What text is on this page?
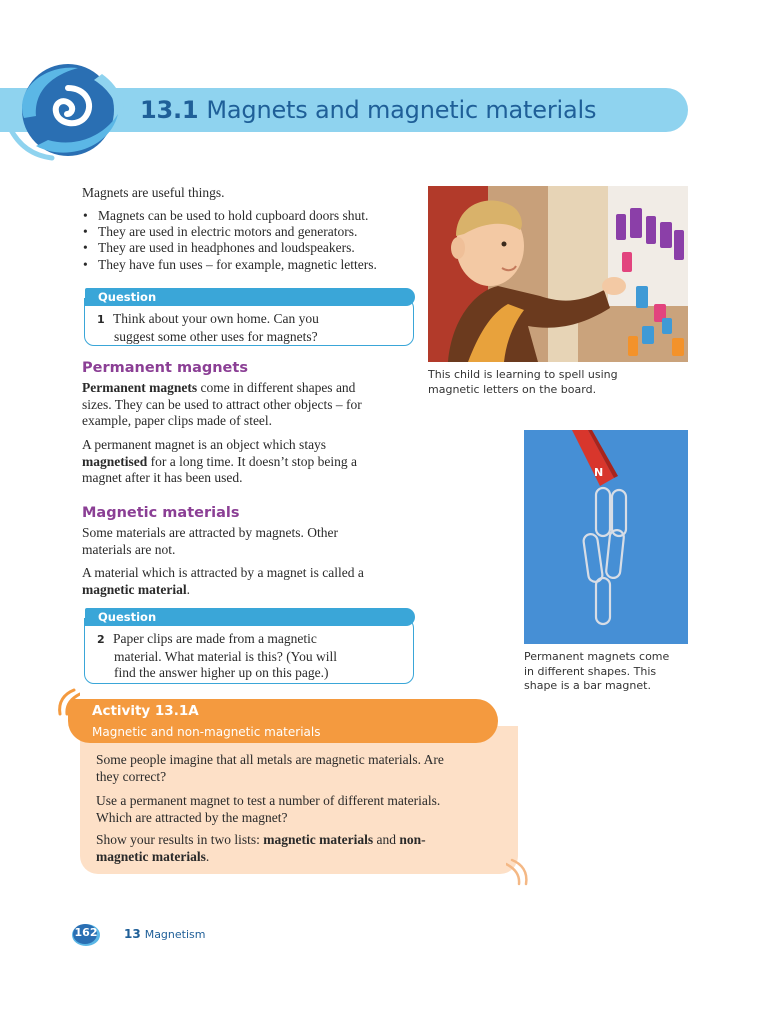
13.1 Magnets and magnetic materials

Magnets are useful things.

• Magnets can be used to hold cupboard doors shut.
• They are used in electric motors and generators.
• They are used in headphones and loudspeakers.
• They have fun uses – for example, magnetic letters.
Question
1 Think about your own home. Can you
suggest some other uses for magnets?
Permanent magnets

Permanent magnets come in different shapes and
sizes. They can be used to attract other objects – for
example, paper clips made of steel.

A permanent magnet is an object which stays
magnetised for a long time. It doesn’t stop being a
magnet after it has been used.

Magnetic materials

Some materials are attracted by magnets. Other
materials are not.

A material which is attracted by a magnet is called a
magnetic material.

Question
2 Paper clips are made from a magnetic
material. What material is this? (You will
find the answer higher up on this page.)
This child is learning to spell using
magnetic letters on the board.
N
Permanent magnets come
in different shapes. This
shape is a bar magnet.
Activity 13.1A
Magnetic and non-magnetic materials

Some people imagine that all metals are magnetic materials. Are
they correct?

Use a permanent magnet to test a number of different materials.
Which are attracted by the magnet?

Show your results in two lists: magnetic materials and non-
magnetic materials.

162	13 Magnetism
